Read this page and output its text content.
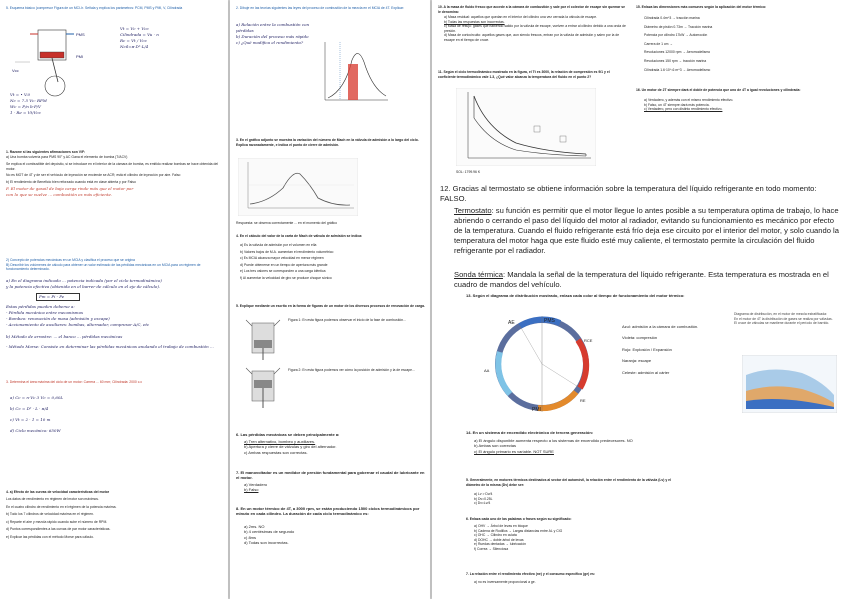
5. Esquema básico (compresor Figura de un MCI-Ir. Señala y explica los parámetros: PCM, PMS y PMI, V, Cilindrada
PMS
PMI
Vcc
Vt = Vc + Vcc
Cilindrada = Vu · n
Rc = Vt / Vcc
Ncil=π·D²·L/4
Vt = • V.0
Nc = 7.5 Vc: RPM
Wc = P/n b·P/V
1 · Re = Vt/Vcc
1. Razone si las siguientes afirmaciones son V/F:
a) Una bomba volvería para PMS 90° y AC Gana el elemento de bomba (T/ACV)
Se explica el combustible del depósito, si se introduce en el interior de la cámara de bomba, es emitido realizar bombas se hace obtenida del motor.
No es MOT de 4T y de ser el vehículo de inyección se enciende se ACR; está el cilindro de inyección por aire. Falso
b) El rendimiento de Beneficio bien reforzado cuando está en clase abierta y por Falso
F. El motor de gasoil de baja carga rinde más que el motor por
con lo que se vuelve ... combustión es más eficiente.
2) Concepto de potencias mecánicas en un MCIA y clasifica el proceso que se origina
B) Describir los volúmenes de cálculo para obtener un valor estimado de las pérdidas mecánicas en un MCIA para un régimen de funcionamiento determinado.
a) En el diagrama indicado ... potencia indicada (por el ciclo termodinámico)
y la potencia efectiva (obtenida en el barrer de cálculo en el eje de cálculo).
Pm = Pi - Pe
Estas pérdidas pueden deberse a:
- Pérdida mecánica entre mecanismos
- Bombeo: renovación de masa (admisión y escape)
- Accionamiento de auxiliares: bombas, alternador, compresor A/C, etc
b) Método de arrastre: ... el banco ... pérdidas mecánicas
- Método Morse: Consiste en determinar las pérdidas mecánicas anulando el trabajo de combustión ...
3. Determina el área máxima del ciclo de un motor: Carrera ... 60 mm; Cilindrada: 2000 c.c
a) Cc = n·Vc 3 Vc = 0,60L
b) Cc = D² · L · π/4
c) Vt = 2 · 1 = 10 m
d) Ciclo mecánico: 650W
4. a) Efecto de las curvas de velocidad características del motor
Los datos de rendimiento en régimen del motor son máximos.
En el cuatro cilindro de rendimiento en el régimen de la potencia máxima.
b) Todo los 7 cilindros de velocidad máxima en el régimen.
c) Reparte el aire y mezcla rápido cuando sube el número de RPM.
d) Puntos correspondientes a las curvas de par motor características.
e) Explicar las pérdidas con el método Morse para cálculo.
2. Dibuje en las teorías siguientes las leyes del proceso de combustión de la mezcla en el MCIA de 4T. Explicar:
a) Relación entre la combustión con pérdidas
b) Duración del proceso más rápido
c) ¿Qué modifica el rendimiento?
3. En el gráfico adjunto se muestra la variación del número de Mach en la válvula de admisión a lo largo del ciclo. Explica razonadamente, e indica el punto de cierre de admisión.
Respuesta: se observa correctamente ... en el momento del gráfico
4. En el cálculo del valor de la carta de Mach de válvula de admisión se indica:
a) Es la válvula de admisión por el volumen en ella
b) Valores bajos de M.A. aumentan el rendimiento volumétrico
c) Es MCIA alcanza mayor velocidad en menor régimen
d) Puede obtenerse en un tiempo de apertura más grande
e) Los tres valores se corresponden a una carga idéntica
f) Al aumentar la velocidad de giro se produce choque sónico
5. Explique mediante un escrito en la forma de figuras de un motor de los diversos procesos de renovación de carga.
Figura 1: En esta figura podemos observar el inicio de la fase de combustión...
Figura 2: En esta figura podemos ver cómo la posición de admisión y la de escape...
6. Las pérdidas mecánicas se deben principalmente a:
a) Tren alternativo, bombeo y auxiliares.
b) Apertura y cierre de válvulas y giro del alternador.
c) Ambas respuestas son correctas.
7. El manovoltador es un medidor de presión fundamental para gobernar el caudal de lubricante en el motor.
a) Verdadero
b) Falso
8. En un motor térmico de 4T, a 3000 rpm, se están produciendo 1500 ciclos termodinámicos por minuto en cada cilindro. La duración de cada ciclo termodinámico es:
a) 2ms. NO
b) 4 centésimas de segundo
c) 8ms
d) Todas son incorrectas.
10. A la masa de fluido fresco que accede a la cámara de combustión y sale por el colector de escape sin quemar se le denomina:
a) Masa residual: aquellos que quedan en el interior del cilindro una vez cerrada la válvula de escape.
b) Todas las respuestas son incorrectas.
c) Masa de reflujo: gases que habiendo salido por la válvula de escape, vuelven a entrar al cilindro debido a una onda de presión.
d) Masa de cortocircuito: aquellos gases que, aun siendo frescos, entran por la válvula de admisión y salen por la de escape en el tiempo de cruce.
11. Según el ciclo termodinámico mostrado en la figura, el Tt es 3000, la relación de compresión es 9/1 y el coeficiente termodinámico vale 1.3, ¿Qué valor alcanza la temperatura del fluido en el punto 2?
SOL: 1799.96 K
15. Enlaza las dimensiones más comunes según la aplicación del motor térmico:
Cilindrada 0.4m^3 → tracción marina
Diámetro de pistón 0.73m → Tracción marina
Potencia por cilindro 17kW → Automoción
Carrera de 1 cm →
Revoluciones 12000 rpm → Aeromodelismo
Revoluciones 150 rpm → tracción marina
Cilindrada 1.6·10^-6 m^3 → Aeromodelismo
16. Un motor de 2T siempre dará el doble de potencia que uno de 4T a igual revoluciones y cilindrada:
a) Verdadero, y además con el mismo rendimiento efectivo.
b) Falso, un 4T siempre dará más potencia.
c) Verdadero, pero con distinto rendimiento efectivo.
12. Gracias al termostato se obtiene información sobre la temperatura del líquido refrigerante en todo momento: FALSO.
Termostato: su función es permitir que el motor llegue lo antes posible a su temperatura optima de trabajo, lo hace abriendo o cerrando el paso del líquido del motor al radiador, evitando su funcionamiento es mecánico por efecto de la temperatura. Cuando el fluido refrigerante está frío deja ese circuito por el interior del motor, y solo cuando la temperatura del motor haga que este fluido esté muy caliente, el termostato permite la circulación del fluido refrigerante por el radiador.
Sonda térmica: Mandala la señal de la temperatura del líquido refrigerante. Esta temperatura es mostrada en el cuadro de mandos del vehículo.
13. Según el diagrama de distribución mostrado, enlaza cada color al tiempo de funcionamiento del motor térmico:
AE	PMS
RCE
PMI
AA
RE
Azul: admisión a la cámara de combustión.
Violeta: compresión
Rojo: Explosión / Expansión
Naranja: escape
Celeste: admisión al cárter
Diagrama de distribución, en el motor de mezcla estratificada:
En el motor de 4T la distribución de gases se realiza por válvulas.
El cruce de válvulas se mantiene durante el período de barrido.
14. En un sistema de encendido electrónico de tercera generación:
a) El ángulo disponible aumenta respecto a los sistemas de encendido predecesores. NO
b) Ambas son correctas
c) El ángulo primario es variable. NOT SURE
5. Generalmente, en motores térmicos destinados al sector del automóvil, la relación entre el rendimiento de la válvula (Lv) y el diámetro de la misma (Dv) debe ser:
a) Lv > Dv/4
b) Dv=0.25L
c) Dv=Lv/4
6. Enlaza cada uno de las palabras o frases según su significado:
a) OHV → Árbol de levas en bloque
b) Cadena de Rodillos → Largas distancias entre AL y CIG
c) OHC → Cilindro en culata
d) DOHC → doble árbol de levas
e) Ruedas dentadas → lubricación
f) Correa → Silenciosa
7. La relación entre el rendimiento efectivo (ne) y el consumo específico (ge) es:
a) no es inversamente proporcional a ge.
